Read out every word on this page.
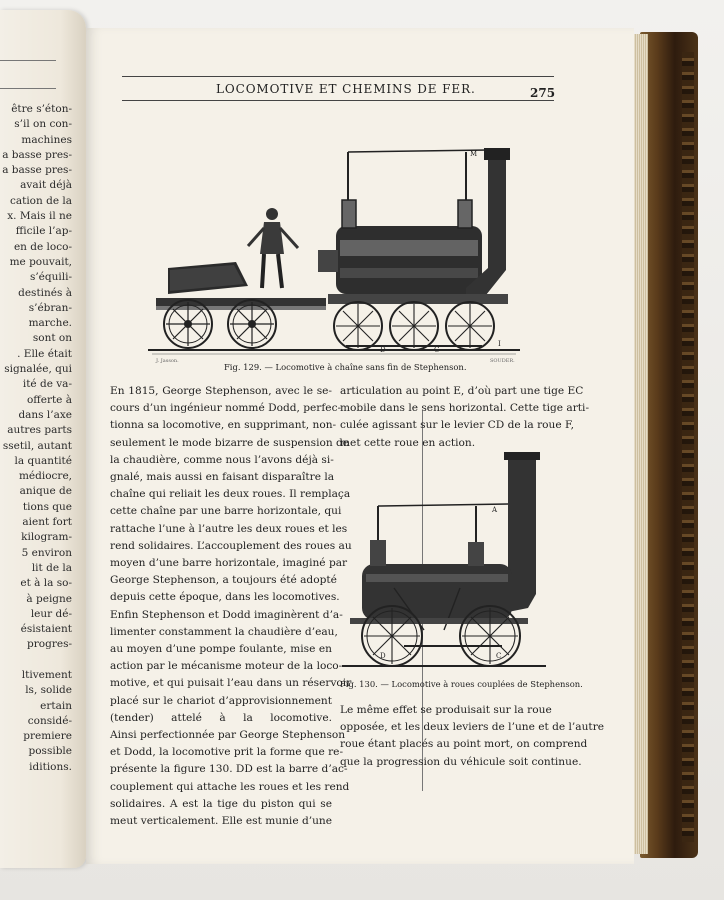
être s’éton-
s’il on con-
machines
a basse pres-
a basse pres-
avait déjà
cation de la
x. Mais il ne
fficile l’ap-
en de loco-
me pouvait,
s’équili-
destinés à
s’ébran-
marche.
sont on
. Elle était
signalée, qui
ité de va-
offerte à
dans l’axe
autres parts
ssetil, autant
la quantité
médiocre,
anique de
tions que
aient fort
kilogram-
5 environ
lit de la
et à la so-
à peigne
leur dé-
ésistaient
progres-

ltivement
ls, solide
ertain
considé-
premiere
possible
iditions.
LOCOMOTIVE ET CHEMINS DE FER.	275
D	C
I
M
J. Jasson.	SOUDER.
Fig. 129. — Locomotive à chaîne sans fin de Stephenson.
En 1815, George Stephenson, avec le se-
cours d’un ingénieur nommé Dodd, perfec-
tionna sa locomotive, en supprimant, non-
seulement le mode bizarre de suspension de
la chaudière, comme nous l’avons déjà si-
gnalé, mais aussi en faisant disparaître la
chaîne qui reliait les deux roues. Il remplaça
cette chaîne par une barre horizontale, qui
rattache l’une à l’autre les deux roues et les
rend solidaires. L’accouplement des roues au
moyen d’une barre horizontale, imaginé par
George Stephenson, a toujours été adopté
depuis cette époque, dans les locomotives.
Enfin Stephenson et Dodd imaginèrent d’a-
limenter constamment la chaudière d’eau,
au moyen d’une pompe foulante, mise en
action par le mécanisme moteur de la loco-
motive, et qui puisait l’eau dans un réservoir
placé sur le chariot d’approvisionnement
(tender) attelé à la locomotive.
Ainsi perfectionnée par George Stephenson
et Dodd, la locomotive prit la forme que re-
présente la figure 130. DD est la barre d’ac-
couplement qui attache les roues et les rend
solidaires. A est la tige du piston qui se
meut verticalement. Elle est munie d’une
articulation au point E, d’où part une tige EC
mobile dans le sens horizontal. Cette tige arti-
culée agissant sur le levier CD de la roue F,
met cette roue en action.
A
D	C
Fig. 130. — Locomotive à roues couplées de Stephenson.
Le même effet se produisait sur la roue
opposée, et les deux leviers de l’une et de l’autre
roue étant placés au point mort, on comprend
que la progression du véhicule soit continue.
